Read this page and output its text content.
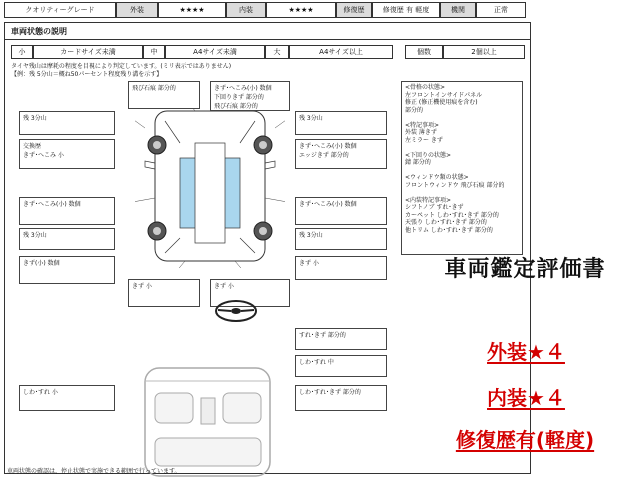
クオリティーグレード	外装	★★★★	内装	★★★★	修復歴	修復歴 有 軽度	機関	正常
車両状態の説明
小	カードサイズ未満	中	A4サイズ未満	大	A4サイズ以上	個数	2個以上
タイヤ残山は摩耗の程度を目視により判定しています。(ミリ表示ではありません)
【例：残 5分山＝概ね50パーセント程度残り溝を示す】
飛び石痕 部分的	きず･へこみ(小) 数個
下回りきず 部分的
飛び石痕 部分的
残 3分山	残 3分山
交換歴
きず･へこみ 小
きず･へこみ(小) 数個
エッジきず 部分的
きず･へこみ(小) 数個	きず･へこみ(小) 数個
残 3分山	残 3分山
きず(小) 数個	きず 小
きず 小	きず 小
<骨格の状態>
左フロントインサイドパネル
修正 (修正機使用痕を含む)
部分的
<特記事項>
外装 薄きず
左ミラー きず
<下回りの状態>
錆 部分的
<ウィンドウ類の状態>
フロントウィンドウ 飛び石痕 部分的
<内装特記事項>
シフトノブ すれ･きず
カーペット しわ･すれ･きず 部分的
天張り しわ･すれ･きず 部分的
他トリム しわ･すれ･きず 部分的
すれ･きず 部分的
しわ･すれ 中
しわ･すれ 小	しわ･すれ･きず 部分的
車両状態の確認は、停止状態で実施できる範囲で行っています。
車両鑑定評価書
外装★４
内装★４
修復歴有(軽度)
